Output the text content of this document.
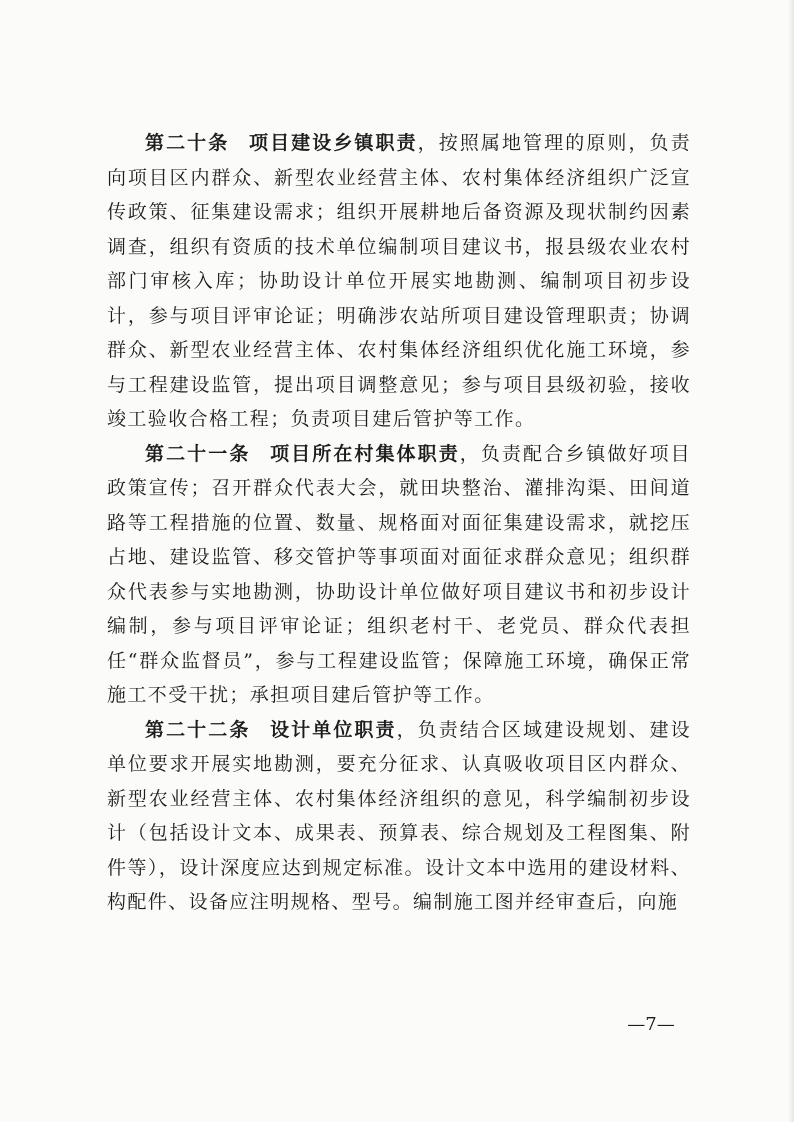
第二十条 项目建设乡镇职责，按照属地管理的原则，负责向项目区内群众、新型农业经营主体、农村集体经济组织广泛宣传政策、征集建设需求；组织开展耕地后备资源及现状制约因素调查，组织有资质的技术单位编制项目建议书，报县级农业农村部门审核入库；协助设计单位开展实地勘测、编制项目初步设计，参与项目评审论证；明确涉农站所项目建设管理职责；协调群众、新型农业经营主体、农村集体经济组织优化施工环境，参与工程建设监管，提出项目调整意见；参与项目县级初验，接收竣工验收合格工程；负责项目建后管护等工作。

第二十一条 项目所在村集体职责，负责配合乡镇做好项目政策宣传；召开群众代表大会，就田块整治、灌排沟渠、田间道路等工程措施的位置、数量、规格面对面征集建设需求，就挖压占地、建设监管、移交管护等事项面对面征求群众意见；组织群众代表参与实地勘测，协助设计单位做好项目建议书和初步设计编制，参与项目评审论证；组织老村干、老党员、群众代表担任“群众监督员”，参与工程建设监管；保障施工环境，确保正常施工不受干扰；承担项目建后管护等工作。

第二十二条 设计单位职责，负责结合区域建设规划、建设单位要求开展实地勘测，要充分征求、认真吸收项目区内群众、新型农业经营主体、农村集体经济组织的意见，科学编制初步设计（包括设计文本、成果表、预算表、综合规划及工程图集、附件等），设计深度应达到规定标准。设计文本中选用的建设材料、构配件、设备应注明规格、型号。编制施工图并经审查后，向施

—7—
